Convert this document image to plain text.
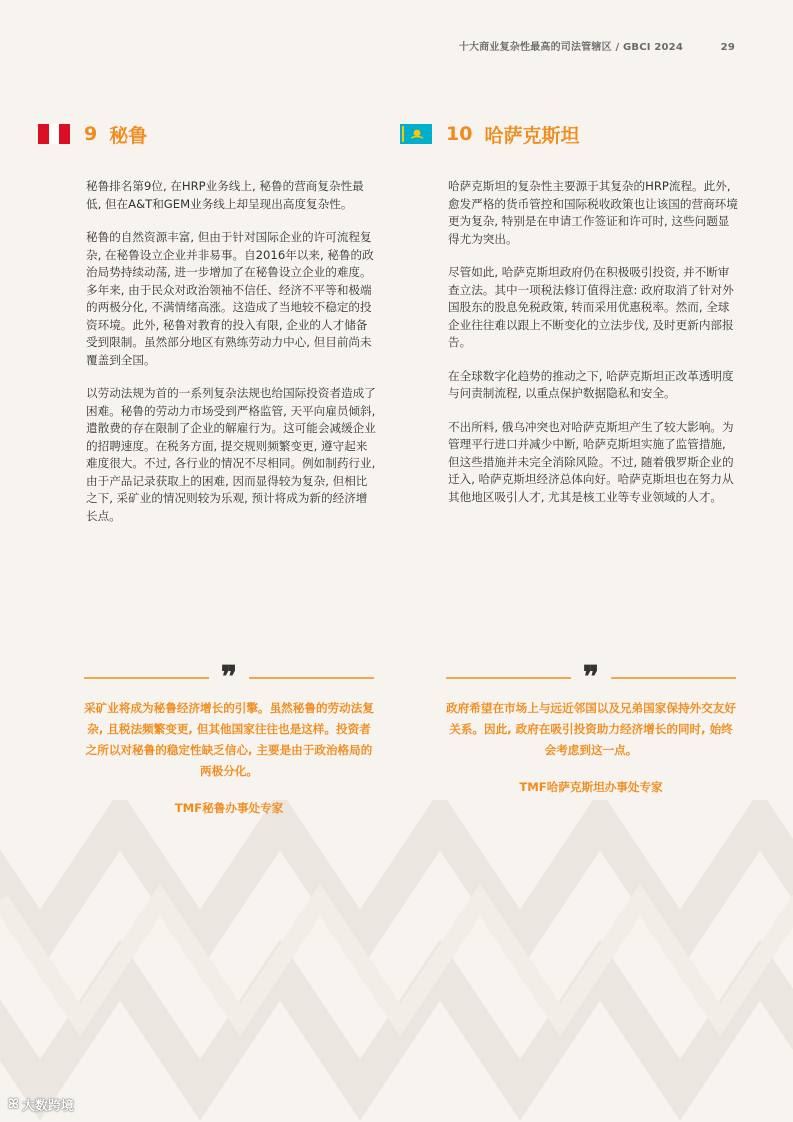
十大商业复杂性最高的司法管辖区 / GBCI 2024	29
9 秘鲁

秘鲁排名第9位, 在HRP业务线上, 秘鲁的营商复杂性最低, 但在A&T和GEM业务线上却呈现出高度复杂性。

秘鲁的自然资源丰富, 但由于针对国际企业的许可流程复杂, 在秘鲁设立企业并非易事。自2016年以来, 秘鲁的政治局势持续动荡, 进一步增加了在秘鲁设立企业的难度。多年来, 由于民众对政治领袖不信任、经济不平等和极端的两极分化, 不满情绪高涨。这造成了当地较不稳定的投资环境。此外, 秘鲁对教育的投入有限, 企业的人才储备受到限制。虽然部分地区有熟练劳动力中心, 但目前尚未覆盖到全国。

以劳动法规为首的一系列复杂法规也给国际投资者造成了困难。秘鲁的劳动力市场受到严格监管, 天平向雇员倾斜, 遣散费的存在限制了企业的解雇行为。这可能会减缓企业的招聘速度。在税务方面, 提交规则频繁变更, 遵守起来难度很大。不过, 各行业的情况不尽相同。例如制药行业, 由于产品记录获取上的困难, 因而显得较为复杂, 但相比之下, 采矿业的情况则较为乐观, 预计将成为新的经济增长点。

10 哈萨克斯坦

哈萨克斯坦的复杂性主要源于其复杂的HRP流程。此外, 愈发严格的货币管控和国际税收政策也让该国的营商环境更为复杂, 特别是在申请工作签证和许可时, 这些问题显得尤为突出。

尽管如此, 哈萨克斯坦政府仍在积极吸引投资, 并不断审查立法。其中一项税法修订值得注意: 政府取消了针对外国股东的股息免税政策, 转而采用优惠税率。然而, 全球企业往往难以跟上不断变化的立法步伐, 及时更新内部报告。

在全球数字化趋势的推动之下, 哈萨克斯坦正改革透明度与问责制流程, 以重点保护数据隐私和安全。

不出所料, 俄乌冲突也对哈萨克斯坦产生了较大影响。为管理平行进口并减少中断, 哈萨克斯坦实施了监管措施, 但这些措施并未完全消除风险。不过, 随着俄罗斯企业的迁入, 哈萨克斯坦经济总体向好。哈萨克斯坦也在努力从其他地区吸引人才, 尤其是核工业等专业领域的人才。

❞
采矿业将成为秘鲁经济增长的引擎。虽然秘鲁的劳动法复杂, 且税法频繁变更, 但其他国家往往也是这样。投资者之所以对秘鲁的稳定性缺乏信心, 主要是由于政治格局的两极分化。
TMF秘鲁办事处专家
❞
政府希望在市场上与远近邻国以及兄弟国家保持外交友好关系。因此, 政府在吸引投资助力经济增长的同时, 始终会考虑到这一点。
TMF哈萨克斯坦办事处专家
ꕤ 大数跨境
